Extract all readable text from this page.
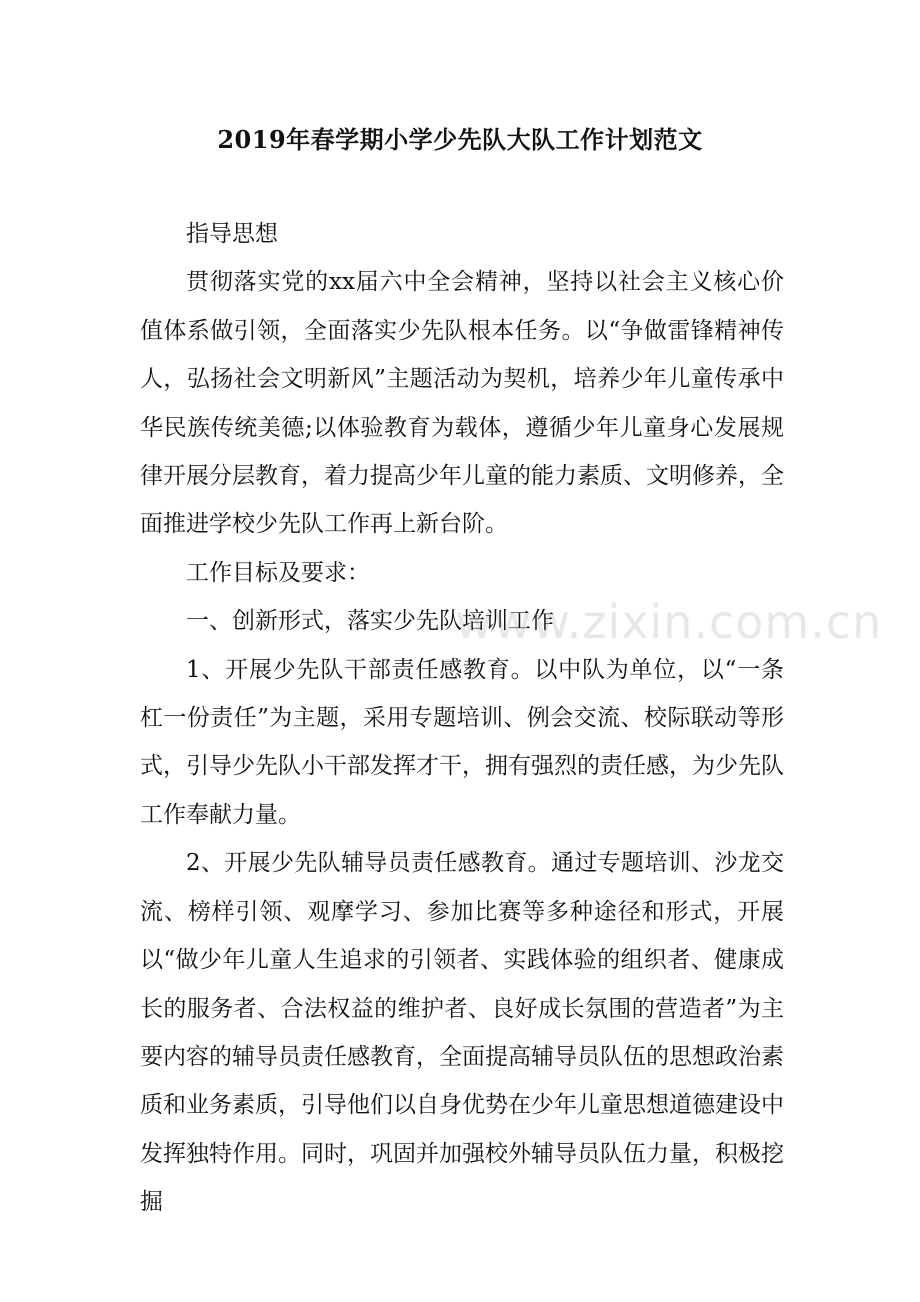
2019年春学期小学少先队大队工作计划范文

指导思想

贯彻落实党的xx届六中全会精神，坚持以社会主义核心价值体系做引领，全面落实少先队根本任务。以“争做雷锋精神传人，弘扬社会文明新风”主题活动为契机，培养少年儿童传承中华民族传统美德;以体验教育为载体，遵循少年儿童身心发展规律开展分层教育，着力提高少年儿童的能力素质、文明修养，全面推进学校少先队工作再上新台阶。

工作目标及要求：

一、创新形式，落实少先队培训工作

1、开展少先队干部责任感教育。以中队为单位，以“一条杠一份责任”为主题，采用专题培训、例会交流、校际联动等形式，引导少先队小干部发挥才干，拥有强烈的责任感，为少先队工作奉献力量。

2、开展少先队辅导员责任感教育。通过专题培训、沙龙交流、榜样引领、观摩学习、参加比赛等多种途径和形式，开展以“做少年儿童人生追求的引领者、实践体验的组织者、健康成长的服务者、合法权益的维护者、良好成长氛围的营造者”为主要内容的辅导员责任感教育，全面提高辅导员队伍的思想政治素质和业务素质，引导他们以自身优势在少年儿童思想道德建设中发挥独特作用。同时，巩固并加强校外辅导员队伍力量，积极挖掘

www.zixin.com.cn
